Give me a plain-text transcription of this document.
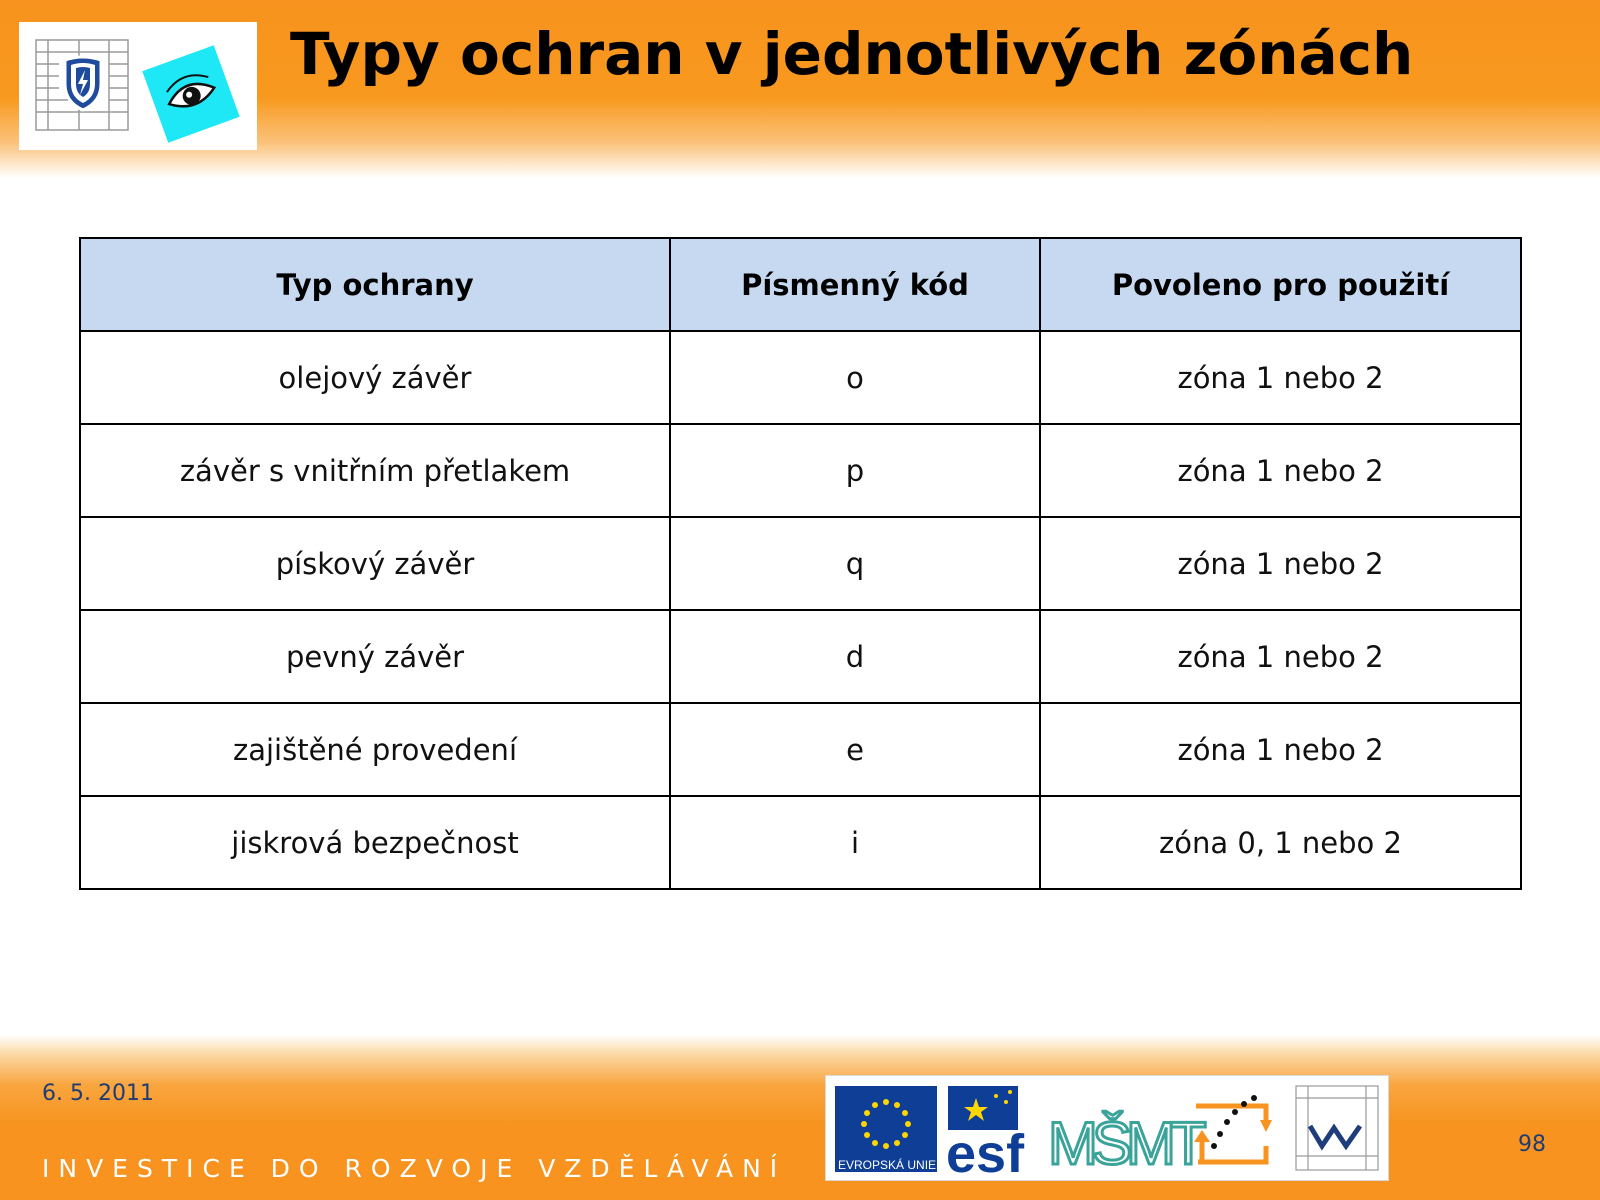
Typy ochran v jednotlivých zónách
Typ ochrany	Písmenný kód	Povoleno pro použití
olejový závěr	o	zóna 1 nebo 2
závěr s vnitřním přetlakem	p	zóna 1 nebo 2
pískový závěr	q	zóna 1 nebo 2
pevný závěr	d	zóna 1 nebo 2
zajištěné provedení	e	zóna 1 nebo 2
jiskrová bezpečnost	i	zóna 0, 1 nebo 2
6. 5. 2011
INVESTICE DO ROZVOJE VZDĚLÁVÁNÍ
98
EVROPSKÁ UNIE esf MŠMT
